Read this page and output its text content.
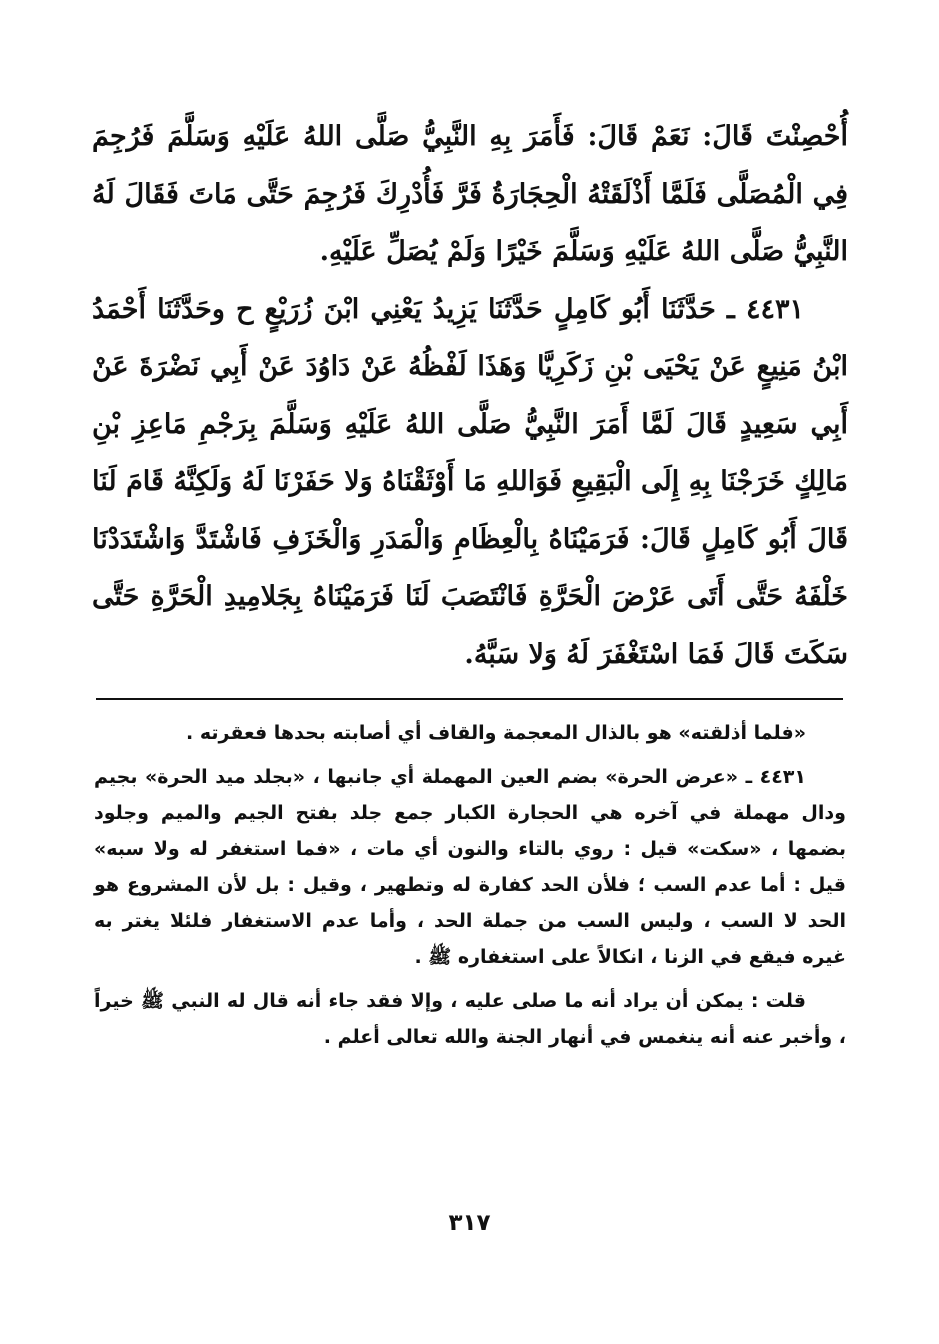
أُحْصِنْتَ قَالَ: نَعَمْ قَالَ: فَأَمَرَ بِهِ النَّبِيُّ صَلَّى اللهُ عَلَيْهِ وَسَلَّمَ فَرُجِمَ فِي الْمُصَلَّى فَلَمَّا أَذْلَقَتْهُ الْحِجَارَةُ فَرَّ فَأُدْرِكَ فَرُجِمَ حَتَّى مَاتَ فَقَالَ لَهُ النَّبِيُّ صَلَّى اللهُ عَلَيْهِ وَسَلَّمَ خَيْرًا وَلَمْ يُصَلِّ عَلَيْهِ.

٤٤٣١ ـ حَدَّثَنَا أَبُو كَامِلٍ حَدَّثَنَا يَزِيدُ يَعْنِي ابْنَ زُرَيْعٍ ح وحَدَّثَنَا أَحْمَدُ ابْنُ مَنِيعٍ عَنْ يَحْيَى بْنِ زَكَرِيَّا وَهَذَا لَفْظُهُ عَنْ دَاوُدَ عَنْ أَبِي نَضْرَةَ عَنْ أَبِي سَعِيدٍ قَالَ لَمَّا أَمَرَ النَّبِيُّ صَلَّى اللهُ عَلَيْهِ وَسَلَّمَ بِرَجْمِ مَاعِزِ بْنِ مَالِكٍ خَرَجْنَا بِهِ إِلَى الْبَقِيعِ فَوَاللهِ مَا أَوْثَقْنَاهُ وَلا حَفَرْنَا لَهُ وَلَكِنَّهُ قَامَ لَنَا قَالَ أَبُو كَامِلٍ قَالَ: فَرَمَيْنَاهُ بِالْعِظَامِ وَالْمَدَرِ وَالْخَزَفِ فَاشْتَدَّ وَاشْتَدَدْنَا خَلْفَهُ حَتَّى أَتَى عَرْضَ الْحَرَّةِ فَانْتَصَبَ لَنَا فَرَمَيْنَاهُ بِجَلامِيدِ الْحَرَّةِ حَتَّى سَكَتَ قَالَ فَمَا اسْتَغْفَرَ لَهُ وَلا سَبَّهُ.

«فلما أذلقته» هو بالذال المعجمة والقاف أي أصابته بحدها فعقرته .

٤٤٣١ ـ «عرض الحرة» بضم العين المهملة أي جانبها ، «بجلد ميد الحرة» بجيم ودال مهملة في آخره هي الحجارة الكبار جمع جلد بفتح الجيم والميم وجلود بضمها ، «سكت» قيل : روي بالتاء والنون أي مات ، «فما استغفر له ولا سبه» قيل : أما عدم السب ؛ فلأن الحد كفارة له وتطهير ، وقيل : بل لأن المشروع هو الحد لا السب ، وليس السب من جملة الحد ، وأما عدم الاستغفار فلئلا يغتر به غيره فيقع في الزنا ، انكالاً على استغفاره ﷺ .

قلت : يمكن أن يراد أنه ما صلى عليه ، وإلا فقد جاء أنه قال له النبي ﷺ خيراً ، وأخبر عنه أنه ينغمس في أنهار الجنة والله تعالى أعلم .

٣١٧
